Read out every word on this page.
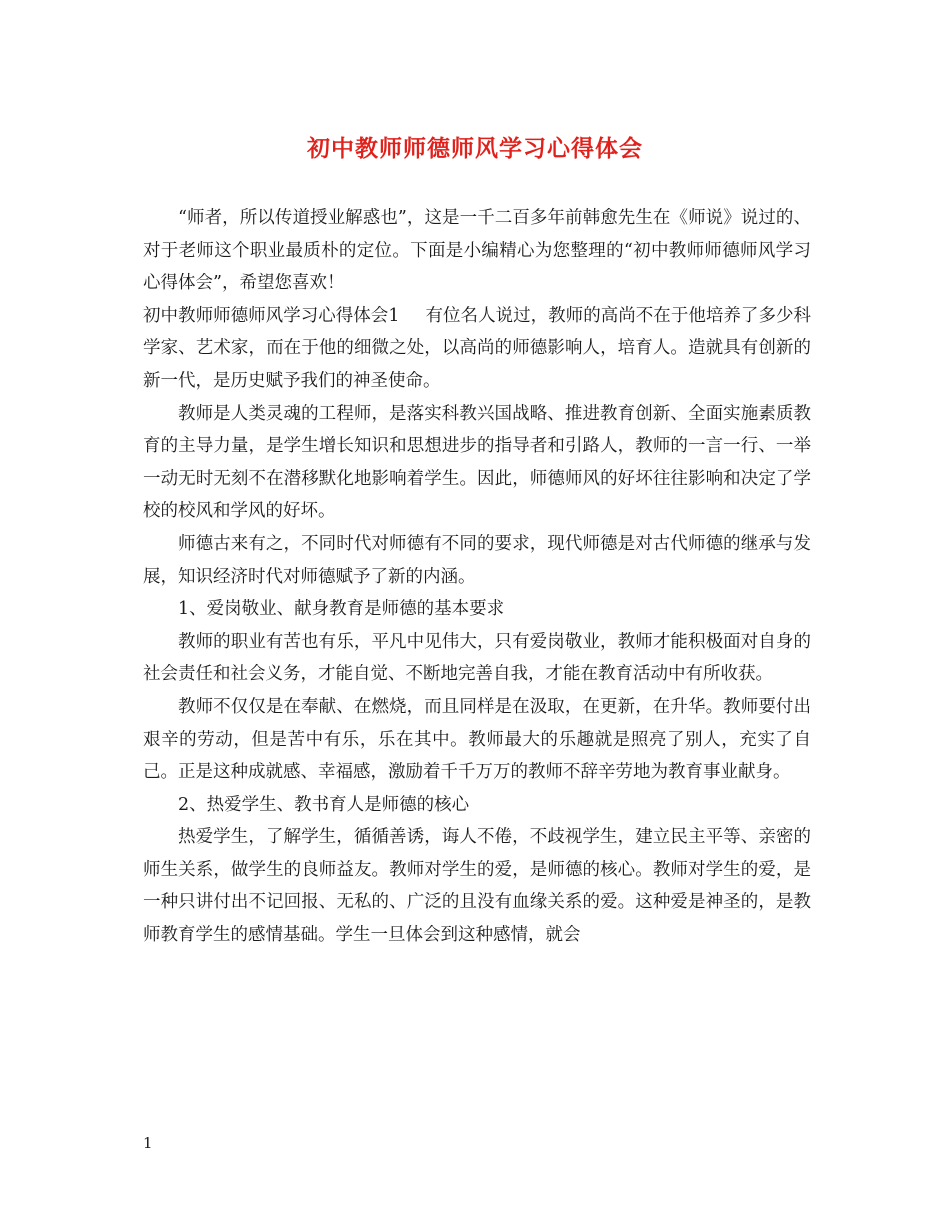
初中教师师德师风学习心得体会

“师者，所以传道授业解惑也”，这是一千二百多年前韩愈先生在《师说》说过的、对于老师这个职业最质朴的定位。下面是小编精心为您整理的“初中教师师德师风学习心得体会”，希望您喜欢！

初中教师师德师风学习心得体会1 有位名人说过，教师的高尚不在于他培养了多少科学家、艺术家，而在于他的细微之处，以高尚的师德影响人，培育人。造就具有创新的新一代，是历史赋予我们的神圣使命。

教师是人类灵魂的工程师，是落实科教兴国战略、推进教育创新、全面实施素质教育的主导力量，是学生增长知识和思想进步的指导者和引路人，教师的一言一行、一举一动无时无刻不在潜移默化地影响着学生。因此，师德师风的好坏往往影响和决定了学校的校风和学风的好坏。

师德古来有之，不同时代对师德有不同的要求，现代师德是对古代师德的继承与发展，知识经济时代对师德赋予了新的内涵。

1、爱岗敬业、献身教育是师德的基本要求

教师的职业有苦也有乐，平凡中见伟大，只有爱岗敬业，教师才能积极面对自身的社会责任和社会义务，才能自觉、不断地完善自我，才能在教育活动中有所收获。

教师不仅仅是在奉献、在燃烧，而且同样是在汲取，在更新，在升华。教师要付出艰辛的劳动，但是苦中有乐，乐在其中。教师最大的乐趣就是照亮了别人，充实了自己。正是这种成就感、幸福感，激励着千千万万的教师不辞辛劳地为教育事业献身。

2、热爱学生、教书育人是师德的核心

热爱学生，了解学生，循循善诱，诲人不倦，不歧视学生，建立民主平等、亲密的师生关系，做学生的良师益友。教师对学生的爱，是师德的核心。教师对学生的爱，是一种只讲付出不记回报、无私的、广泛的且没有血缘关系的爱。这种爱是神圣的，是教师教育学生的感情基础。学生一旦体会到这种感情，就会

1
